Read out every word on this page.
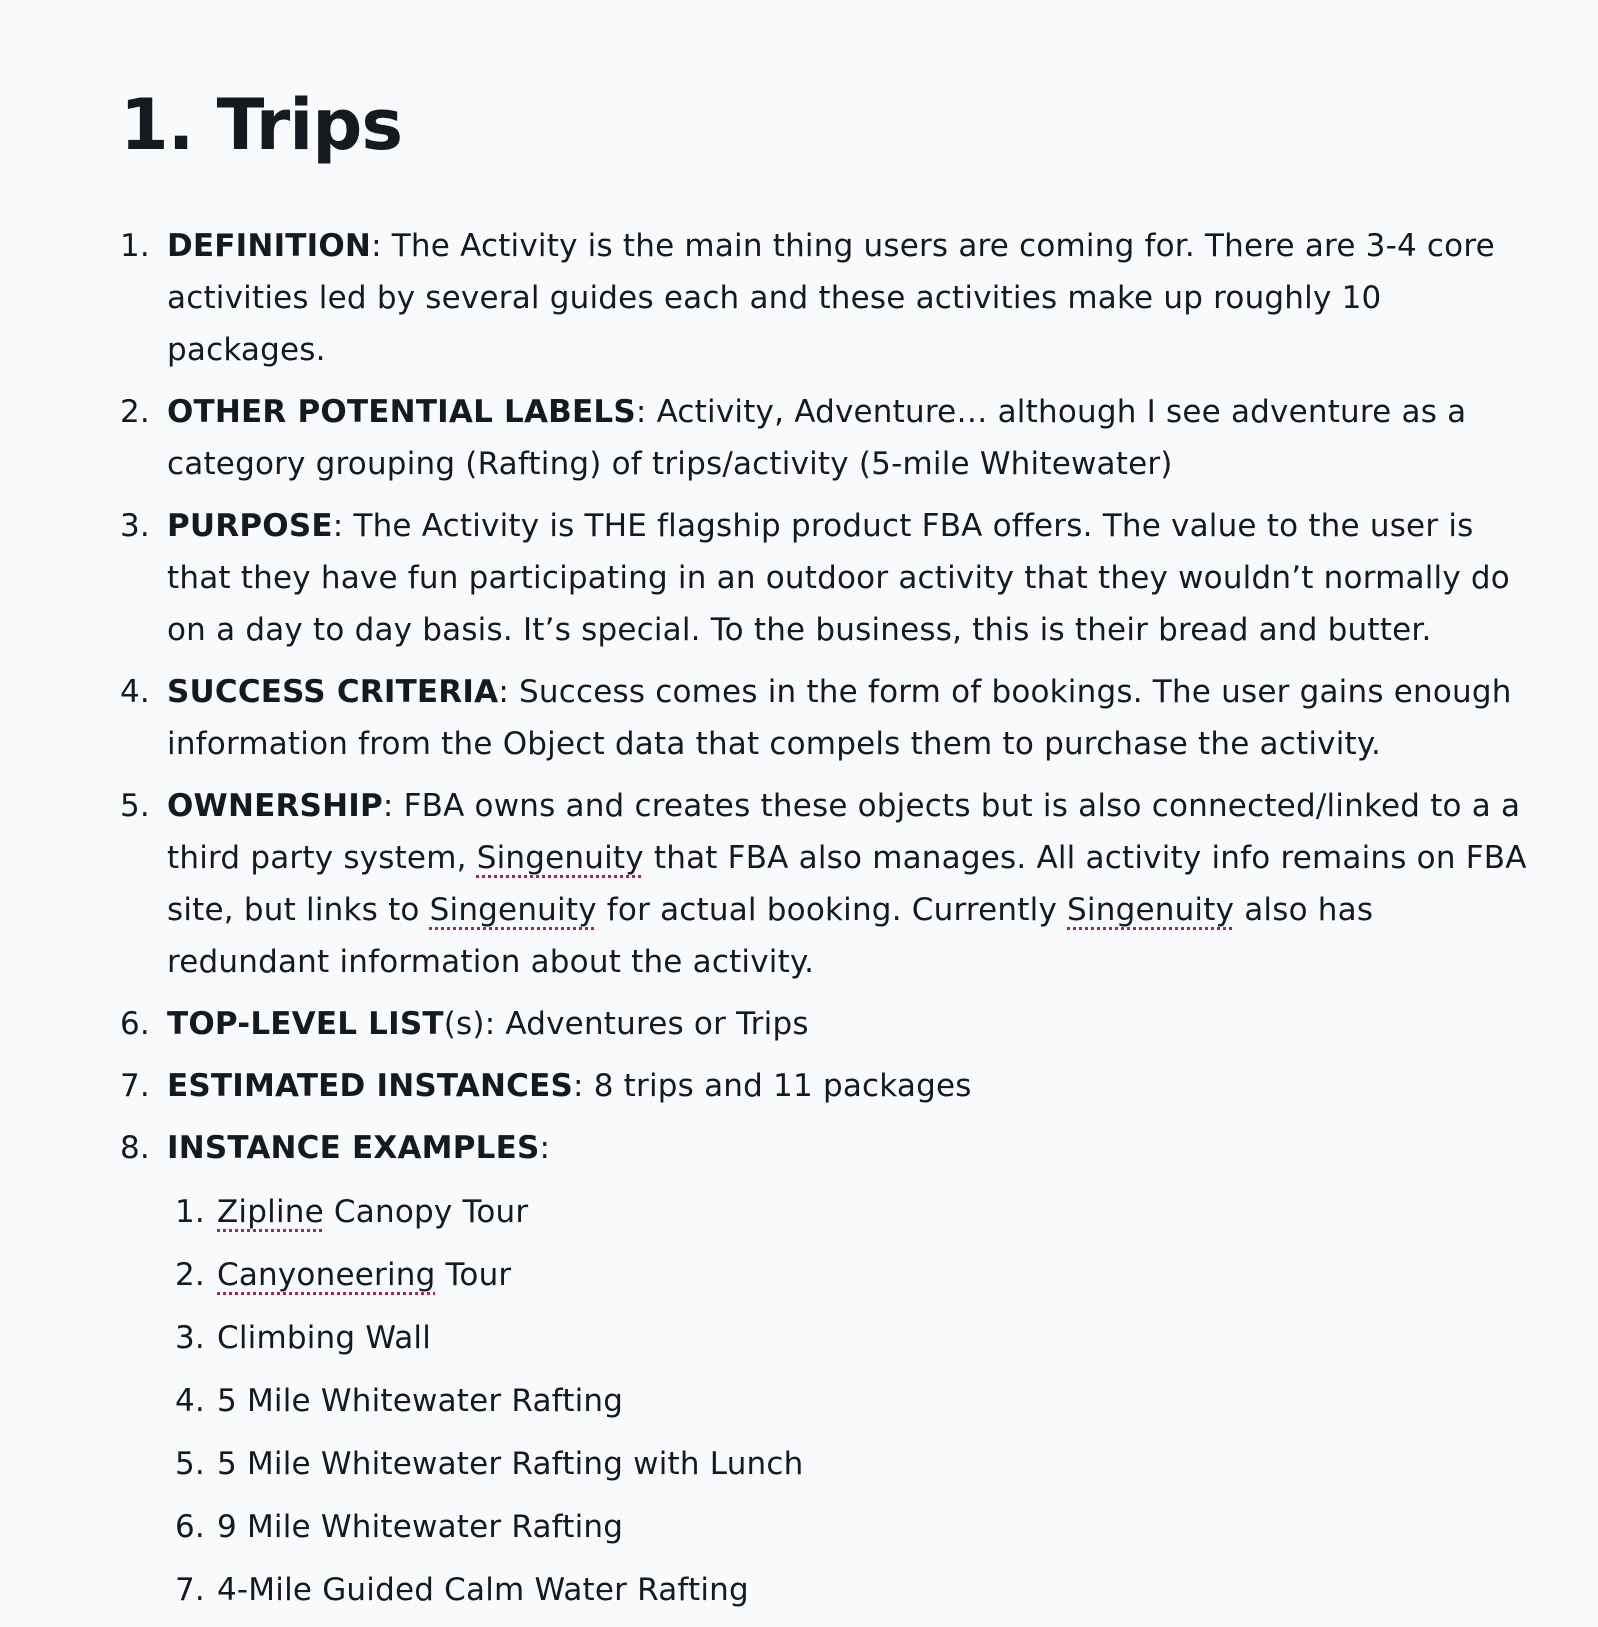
1. Trips
1. DEFINITION: The Activity is the main thing users are coming for. There are 3-4 core activities led by several guides each and these activities make up roughly 10 packages.
2. OTHER POTENTIAL LABELS: Activity, Adventure… although I see adventure as a category grouping (Rafting) of trips/activity (5-mile Whitewater)
3. PURPOSE: The Activity is THE flagship product FBA offers. The value to the user is that they have fun participating in an outdoor activity that they wouldn’t normally do on a day to day basis. It’s special. To the business, this is their bread and butter.
4. SUCCESS CRITERIA: Success comes in the form of bookings. The user gains enough information from the Object data that compels them to purchase the activity.
5. OWNERSHIP: FBA owns and creates these objects but is also connected/linked to a a third party system, Singenuity that FBA also manages. All activity info remains on FBA site, but links to Singenuity for actual booking. Currently Singenuity also has redundant information about the activity.
6. TOP-LEVEL LIST(s): Adventures or Trips
7. ESTIMATED INSTANCES: 8 trips and 11 packages
8. INSTANCE EXAMPLES:
1. Zipline Canopy Tour
2. Canyoneering Tour
3. Climbing Wall
4. 5 Mile Whitewater Rafting
5. 5 Mile Whitewater Rafting with Lunch
6. 9 Mile Whitewater Rafting
7. 4-Mile Guided Calm Water Rafting
